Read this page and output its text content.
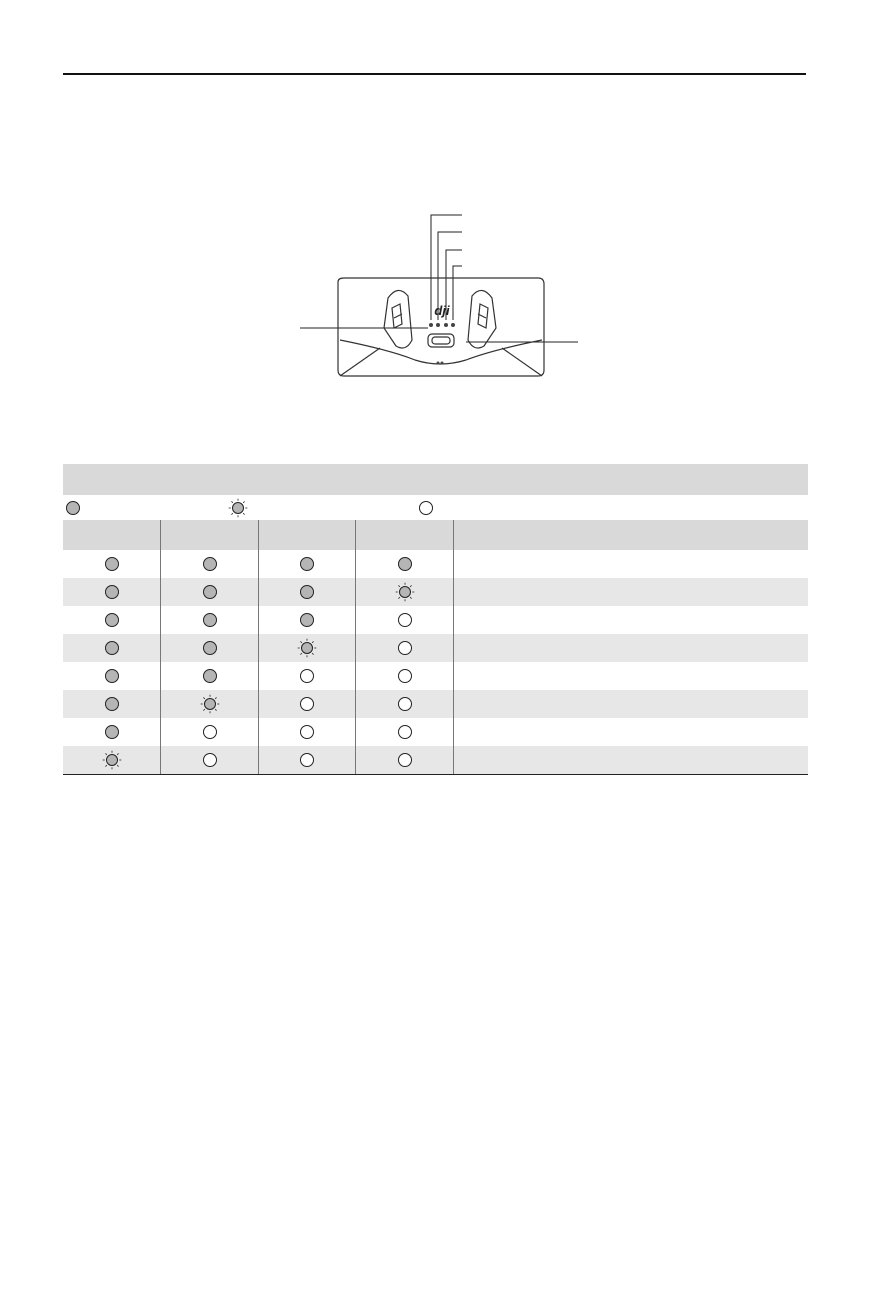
dji
